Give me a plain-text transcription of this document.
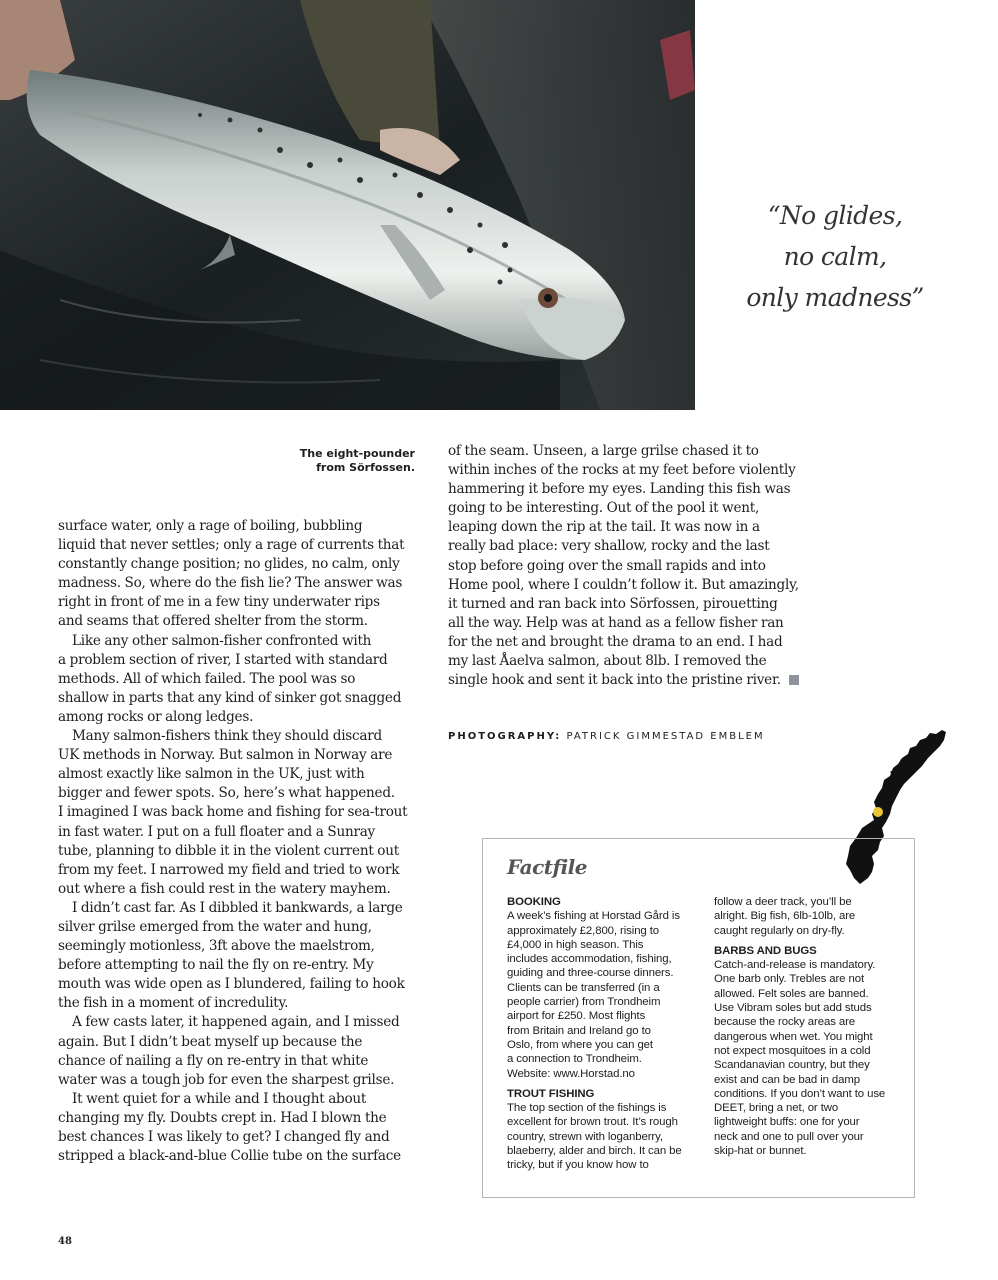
“No glides,
no calm,
only madness”
The eight-pounder
from Sörfossen.
surface water, only a rage of boiling, bubbling
liquid that never settles; only a rage of currents that
constantly change position; no glides, no calm, only
madness. So, where do the fish lie? The answer was
right in front of me in a few tiny underwater rips
and seams that offered shelter from the storm.
Like any other salmon-fisher confronted with
a problem section of river, I started with standard
methods. All of which failed. The pool was so
shallow in parts that any kind of sinker got snagged
among rocks or along ledges.
Many salmon-fishers think they should discard
UK methods in Norway. But salmon in Norway are
almost exactly like salmon in the UK, just with
bigger and fewer spots. So, here’s what happened.
I imagined I was back home and fishing for sea-trout
in fast water. I put on a full floater and a Sunray
tube, planning to dibble it in the violent current out
from my feet. I narrowed my field and tried to work
out where a fish could rest in the watery mayhem.
I didn’t cast far. As I dibbled it bankwards, a large
silver grilse emerged from the water and hung,
seemingly motionless, 3ft above the maelstrom,
before attempting to nail the fly on re-entry. My
mouth was wide open as I blundered, failing to hook
the fish in a moment of incredulity.
A few casts later, it happened again, and I missed
again. But I didn’t beat myself up because the
chance of nailing a fly on re-entry in that white
water was a tough job for even the sharpest grilse.
It went quiet for a while and I thought about
changing my fly. Doubts crept in. Had I blown the
best chances I was likely to get? I changed fly and
stripped a black-and-blue Collie tube on the surface
of the seam. Unseen, a large grilse chased it to
within inches of the rocks at my feet before violently
hammering it before my eyes. Landing this fish was
going to be interesting. Out of the pool it went,
leaping down the rip at the tail. It was now in a
really bad place: very shallow, rocky and the last
stop before going over the small rapids and into
Home pool, where I couldn’t follow it. But amazingly,
it turned and ran back into Sörfossen, pirouetting
all the way. Help was at hand as a fellow fisher ran
for the net and brought the drama to an end. I had
my last Åaelva salmon, about 8lb. I removed the
single hook and sent it back into the pristine river.
PHOTOGRAPHY: PATRICK GIMMESTAD EMBLEM
Factfile
BOOKING
A week’s fishing at Horstad Gård is
approximately £2,800, rising to
£4,000 in high season. This
includes accommodation, fishing,
guiding and three-course dinners.
Clients can be transferred (in a
people carrier) from Trondheim
airport for £250. Most flights
from Britain and Ireland go to
Oslo, from where you can get
a connection to Trondheim.
Website: www.Horstad.no
TROUT FISHING
The top section of the fishings is
excellent for brown trout. It’s rough
country, strewn with loganberry,
blaeberry, alder and birch. It can be
tricky, but if you know how to
follow a deer track, you’ll be
alright. Big fish, 6lb-10lb, are
caught regularly on dry-fly.
BARBS AND BUGS
Catch-and-release is mandatory.
One barb only. Trebles are not
allowed. Felt soles are banned.
Use Vibram soles but add studs
because the rocky areas are
dangerous when wet. You might
not expect mosquitoes in a cold
Scandanavian country, but they
exist and can be bad in damp
conditions. If you don’t want to use
DEET, bring a net, or two
lightweight buffs: one for your
neck and one to pull over your
skip-hat or bunnet.
48
